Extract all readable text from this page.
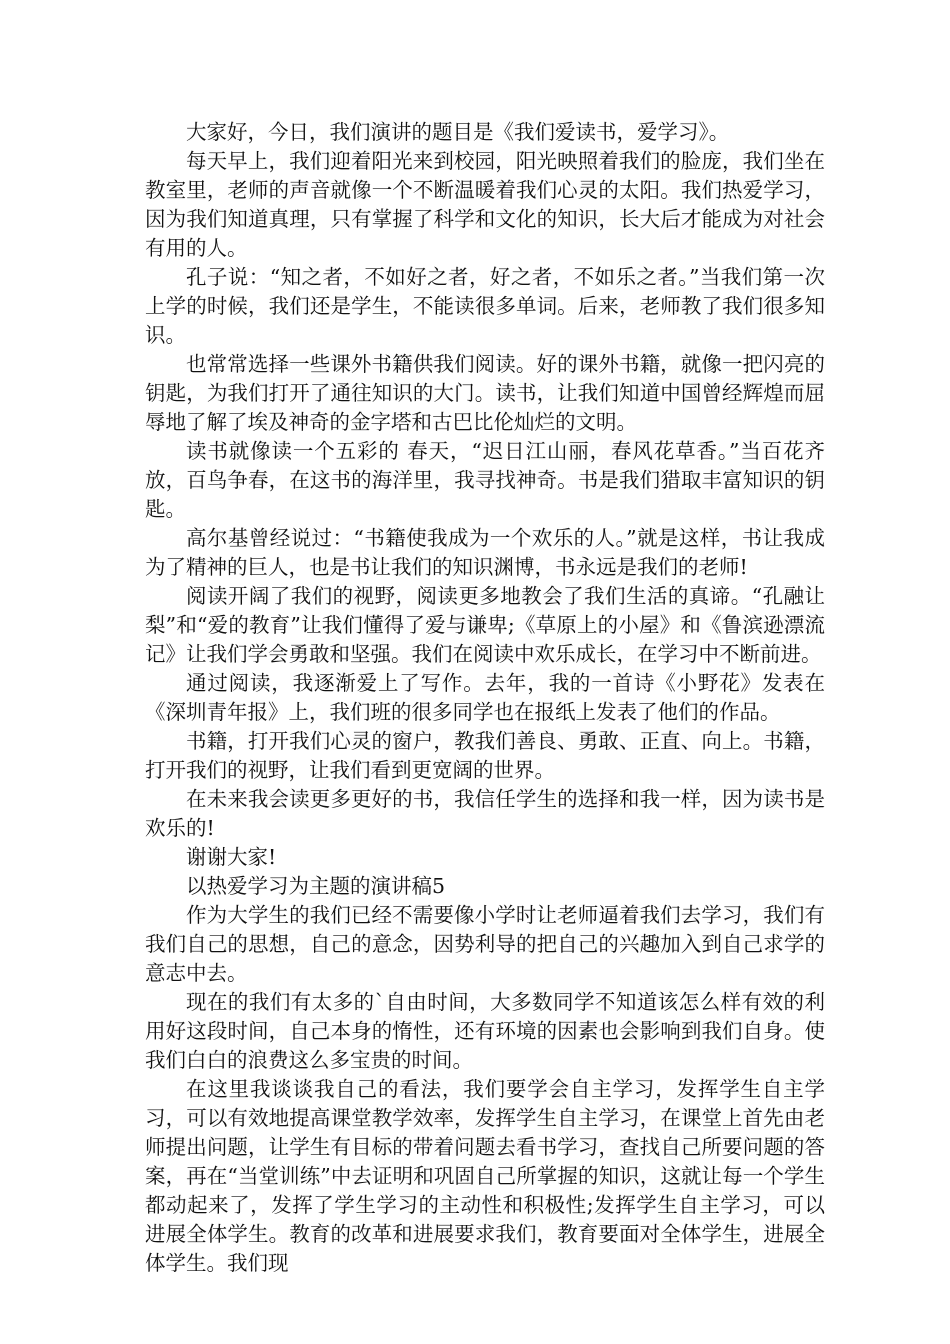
大家好，今日，我们演讲的题目是《我们爱读书，爱学习》。

每天早上，我们迎着阳光来到校园，阳光映照着我们的脸庞，我们坐在教室里，老师的声音就像一个不断温暖着我们心灵的太阳。我们热爱学习，因为我们知道真理，只有掌握了科学和文化的知识，长大后才能成为对社会有用的人。

孔子说：“知之者，不如好之者，好之者，不如乐之者。”当我们第一次上学的时候，我们还是学生，不能读很多单词。后来，老师教了我们很多知识。

也常常选择一些课外书籍供我们阅读。好的课外书籍，就像一把闪亮的钥匙，为我们打开了通往知识的大门。读书，让我们知道中国曾经辉煌而屈辱地了解了埃及神奇的金字塔和古巴比伦灿烂的文明。

读书就像读一个五彩的 春天，“迟日江山丽，春风花草香。”当百花齐放，百鸟争春，在这书的海洋里，我寻找神奇。书是我们猎取丰富知识的钥匙。

高尔基曾经说过：“书籍使我成为一个欢乐的人。”就是这样，书让我成为了精神的巨人，也是书让我们的知识渊博，书永远是我们的老师!

阅读开阔了我们的视野，阅读更多地教会了我们生活的真谛。“孔融让梨”和“爱的教育”让我们懂得了爱与谦卑;《草原上的小屋》和《鲁滨逊漂流记》让我们学会勇敢和坚强。我们在阅读中欢乐成长，在学习中不断前进。

通过阅读，我逐渐爱上了写作。去年，我的一首诗《小野花》发表在《深圳青年报》上，我们班的很多同学也在报纸上发表了他们的作品。

书籍，打开我们心灵的窗户，教我们善良、勇敢、正直、向上。书籍，打开我们的视野，让我们看到更宽阔的世界。

在未来我会读更多更好的书，我信任学生的选择和我一样，因为读书是欢乐的!

谢谢大家!

以热爱学习为主题的演讲稿5

作为大学生的我们已经不需要像小学时让老师逼着我们去学习，我们有我们自己的思想，自己的意念，因势利导的把自己的兴趣加入到自己求学的意志中去。

现在的我们有太多的`自由时间，大多数同学不知道该怎么样有效的利用好这段时间，自己本身的惰性，还有环境的因素也会影响到我们自身。使我们白白的浪费这么多宝贵的时间。

在这里我谈谈我自己的看法，我们要学会自主学习，发挥学生自主学习，可以有效地提高课堂教学效率，发挥学生自主学习，在课堂上首先由老师提出问题，让学生有目标的带着问题去看书学习，查找自己所要问题的答案，再在“当堂训练”中去证明和巩固自己所掌握的知识，这就让每一个学生都动起来了，发挥了学生学习的主动性和积极性;发挥学生自主学习，可以进展全体学生。教育的改革和进展要求我们，教育要面对全体学生，进展全体学生。我们现
